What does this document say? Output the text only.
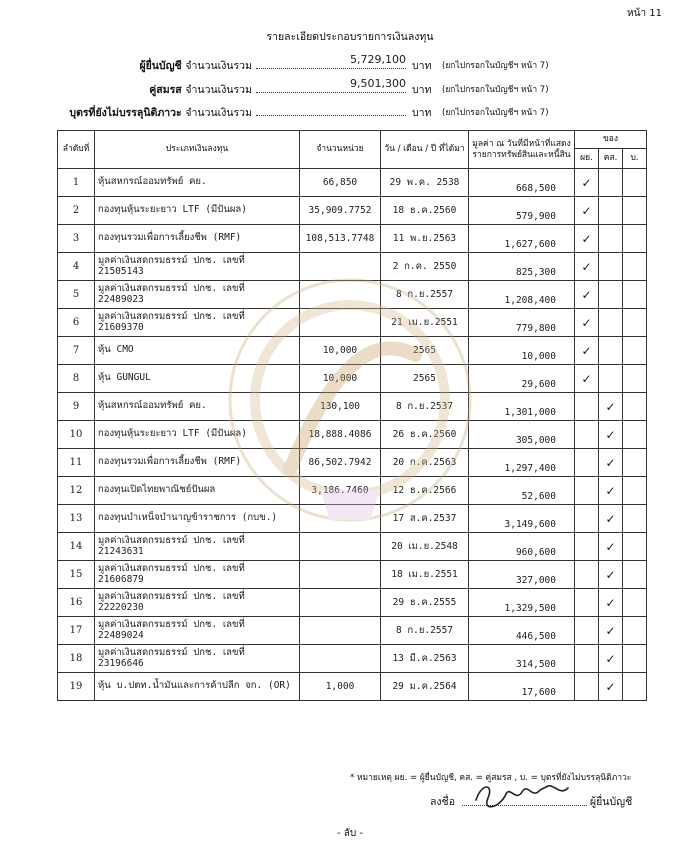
หน้า 11
รายละเอียดประกอบรายการเงินลงทุน
ผู้ยื่นบัญชี จำนวนเงินรวม	5,729,100 บาท (ยกไปกรอกในบัญชีฯ หน้า 7)
คู่สมรส จำนวนเงินรวม	9,501,300 บาท (ยกไปกรอกในบัญชีฯ หน้า 7)
บุตรที่ยังไม่บรรลุนิติภาวะ จำนวนเงินรวม	บาท (ยกไปกรอกในบัญชีฯ หน้า 7)
ลำดับที่	ประเภทเงินลงทุน	จำนวนหน่วย	วัน / เดือน / ปี ที่ได้มา	มูลค่า ณ วันที่มีหน้าที่แสดง รายการทรัพย์สินและหนี้สิน	ของ		
					ผย.	คส.	บ.
1	หุ้นสหกรณ์ออมทรัพย์ คย.	66,850	29 พ.ค. 2538	668,500	✓		
2	กองทุนหุ้นระยะยาว LTF (มีปันผล)	35,909.7752	18 ธ.ค.2560	579,900	✓		
3	กองทุนรวมเพื่อการเลี้ยงชีพ (RMF)	108,513.7748	11 พ.ย.2563	1,627,600	✓		
4	มูลค่าเงินสดกรมธรรม์ ปกช. เลขที่ 21505143		2 ก.ค. 2550	825,300	✓		
5	มูลค่าเงินสดกรมธรรม์ ปกช. เลขที่ 22489023		8 ก.ย.2557	1,208,400	✓		
6	มูลค่าเงินสดกรมธรรม์ ปกช. เลขที่ 21609370		21 เม.ย.2551	779,800	✓		
7	หุ้น CMO	10,000	2565	10,000	✓		
8	หุ้น GUNGUL	10,000	2565	29,600	✓		
9	หุ้นสหกรณ์ออมทรัพย์ คย.	130,100	8 ก.ย.2537	1,301,000		✓	
10	กองทุนหุ้นระยะยาว LTF (มีปันผล)	18,888.4086	26 ธ.ค.2560	305,000		✓	
11	กองทุนรวมเพื่อการเลี้ยงชีพ (RMF)	86,502.7942	20 ก.ค.2563	1,297,400		✓	
12	กองทุนเปิดไทยพาณิชย์ปันผล	3,186.7460	12 ธ.ค.2566	52,600		✓	
13	กองทุนบำเหน็จบำนาญข้าราชการ (กบข.)		17 ส.ค.2537	3,149,600		✓	
14	มูลค่าเงินสดกรมธรรม์ ปกช. เลขที่ 21243631		20 เม.ย.2548	960,600		✓	
15	มูลค่าเงินสดกรมธรรม์ ปกช. เลขที่ 21606879		18 เม.ย.2551	327,000		✓	
16	มูลค่าเงินสดกรมธรรม์ ปกช. เลขที่ 22220230		29 ธ.ค.2555	1,329,500		✓	
17	มูลค่าเงินสดกรมธรรม์ ปกช. เลขที่ 22489024		8 ก.ย.2557	446,500		✓	
18	มูลค่าเงินสดกรมธรรม์ ปกช. เลขที่ 23196646		13 มี.ค.2563	314,500		✓	
19	หุ้น บ.ปตท.น้ำมันและการค้าปลีก จก. (OR)	1,000	29 ม.ค.2564	17,600		✓	
* หมายเหตุ ผย. = ผู้ยื่นบัญชี, คส. = คู่สมรส , บ. = บุตรที่ยังไม่บรรลุนิติภาวะ
ลงชื่อ	ผู้ยื่นบัญชี
- ลับ -
